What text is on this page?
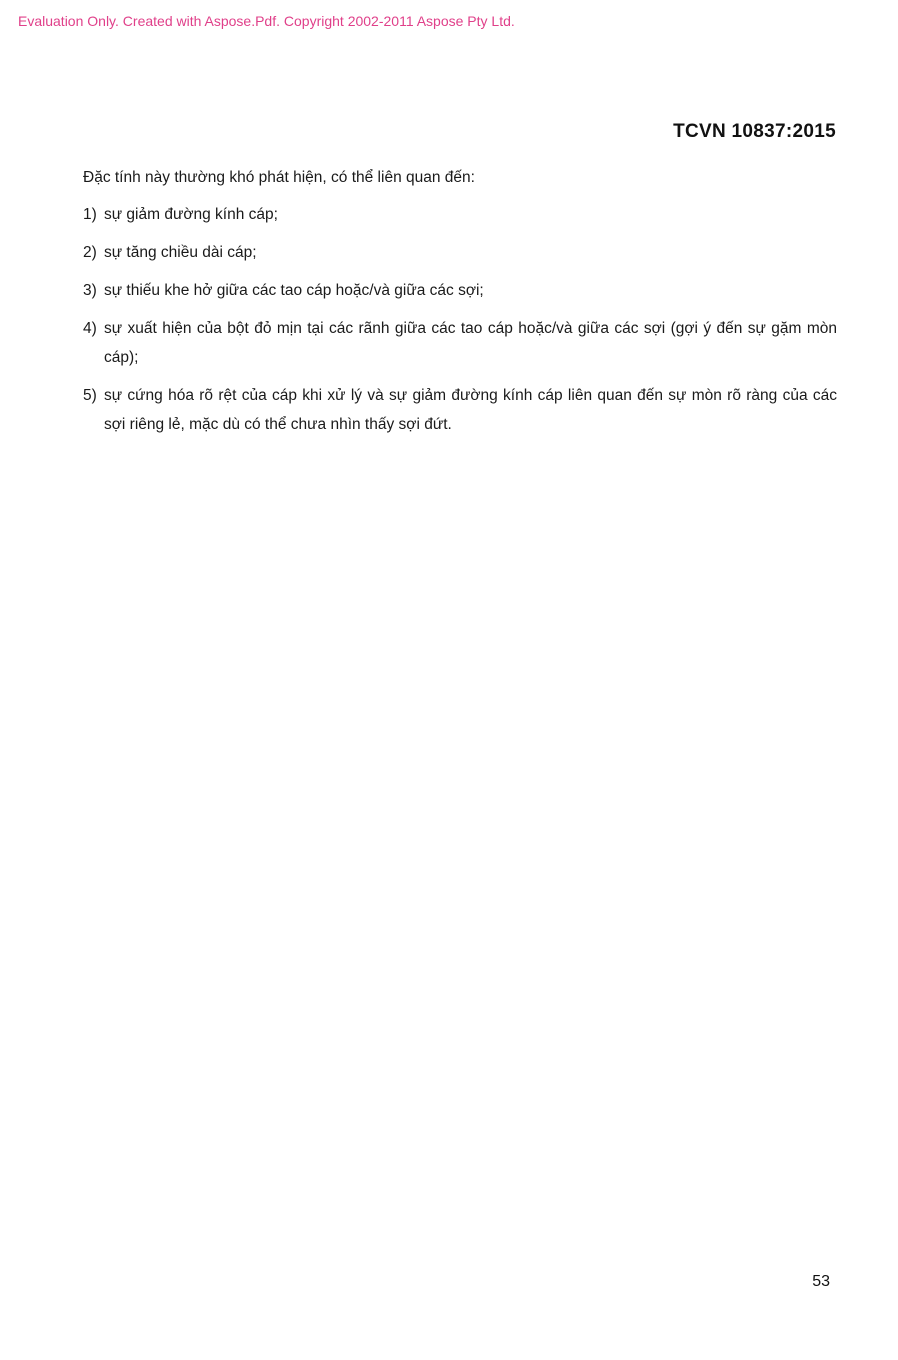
Evaluation Only. Created with Aspose.Pdf. Copyright 2002-2011 Aspose Pty Ltd.
TCVN 10837:2015

Đặc tính này thường khó phát hiện, có thể liên quan đến:

1) sự giảm đường kính cáp;
2) sự tăng chiều dài cáp;
3) sự thiếu khe hở giữa các tao cáp hoặc/và giữa các sợi;
4) sự xuất hiện của bột đỏ mịn tại các rãnh giữa các tao cáp hoặc/và giữa các sợi (gợi ý đến sự gặm mòn cáp);
5) sự cứng hóa rõ rệt của cáp khi xử lý và sự giảm đường kính cáp liên quan đến sự mòn rõ ràng của các sợi riêng lẻ, mặc dù có thể chưa nhìn thấy sợi đứt.
53
